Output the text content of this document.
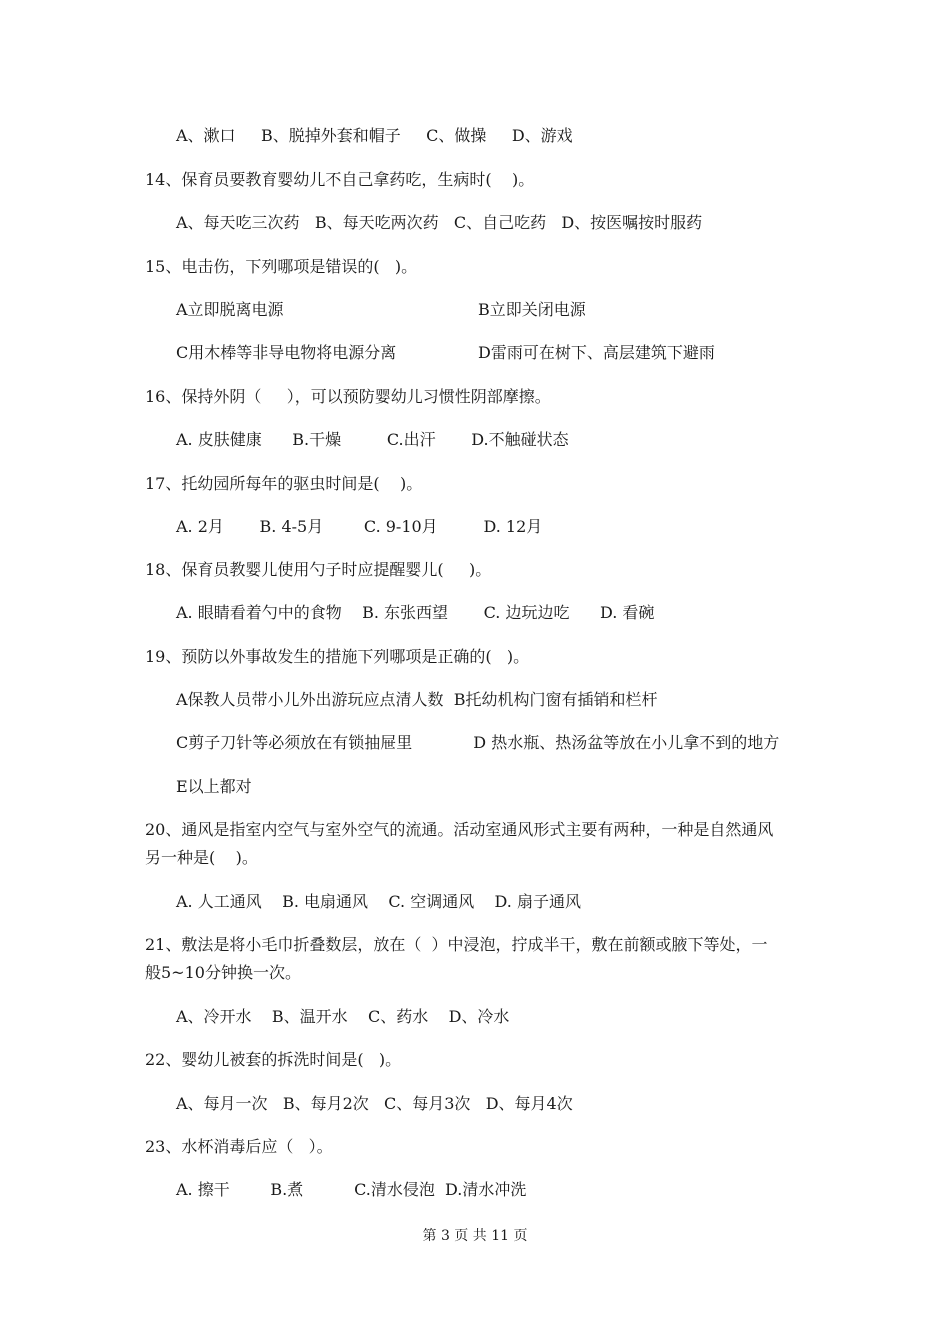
A、漱口     B、脱掉外套和帽子     C、做操     D、游戏
14、保育员要教育婴幼儿不自己拿药吃，生病时(    )。
A、每天吃三次药   B、每天吃两次药   C、自己吃药   D、按医嘱按时服药
15、电击伤，下列哪项是错误的(   )。
A立即脱离电源	B立即关闭电源
C用木棒等非导电物将电源分离	D雷雨可在树下、高层建筑下避雨
16、保持外阴（     ），可以预防婴幼儿习惯性阴部摩擦。
A. 皮肤健康      B.干燥         C.出汗       D.不触碰状态
17、托幼园所每年的驱虫时间是(    )。
A. 2月       B. 4-5月        C. 9-10月         D. 12月
18、保育员教婴儿使用勺子时应提醒婴儿(     )。
A. 眼睛看着勺中的食物    B. 东张西望       C. 边玩边吃      D. 看碗
19、预防以外事故发生的措施下列哪项是正确的(   )。
A保教人员带小儿外出游玩应点清人数  B托幼机构门窗有插销和栏杆
C剪子刀针等必须放在有锁抽屉里            D 热水瓶、热汤盆等放在小儿拿不到的地方
E以上都对
20、通风是指室内空气与室外空气的流通。活动室通风形式主要有两种，一种是自然通风
另一种是(    )。
A. 人工通风    B. 电扇通风    C. 空调通风    D. 扇子通风
21、敷法是将小毛巾折叠数层，放在（  ）中浸泡，拧成半干，敷在前额或腋下等处，一
般5~10分钟换一次。
A、冷开水    B、温开水    C、药水    D、冷水
22、婴幼儿被套的拆洗时间是(   )。
A、每月一次   B、每月2次   C、每月3次   D、每月4次
23、水杯消毒后应（   ）。
A. 擦干        B.煮          C.清水侵泡  D.清水冲洗
第 3 页 共 11 页
